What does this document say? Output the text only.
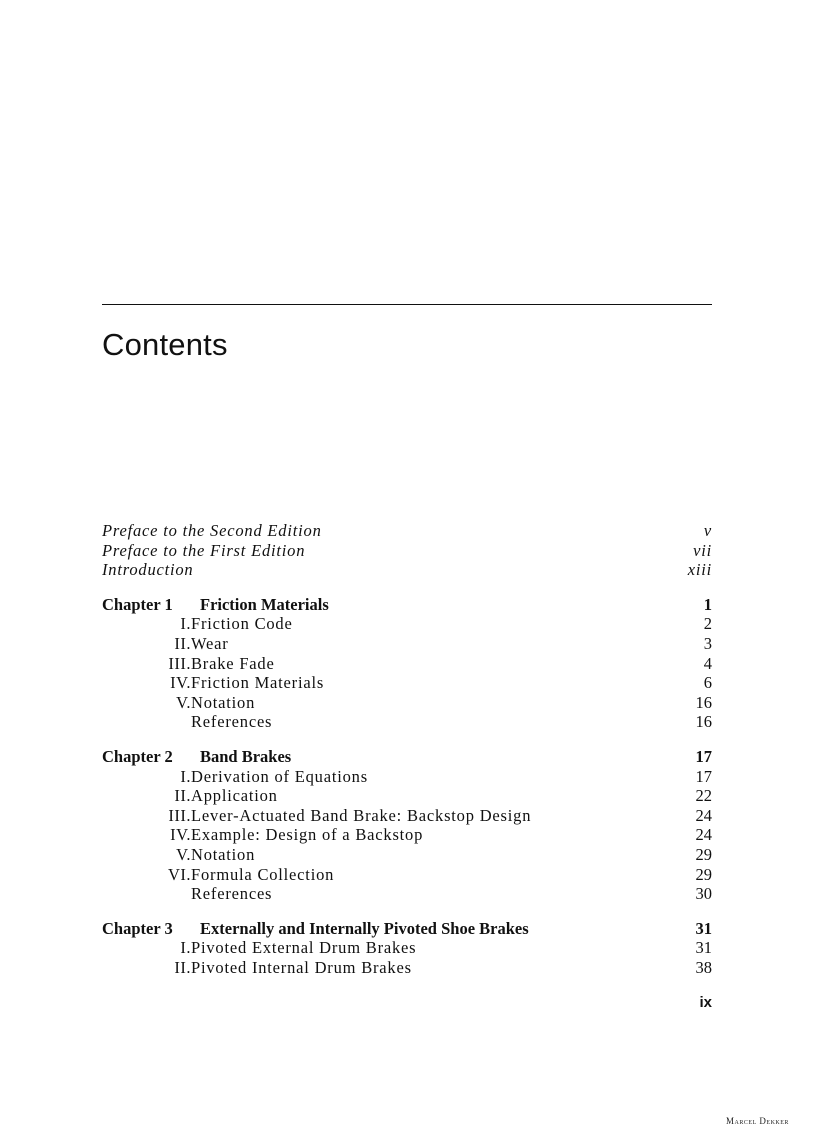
Contents
Preface to the Second Edition	v
Preface to the First Edition	vii
Introduction	xiii
Chapter 1 Friction Materials	1
I. Friction Code	2
II. Wear	3
III. Brake Fade	4
IV. Friction Materials	6
V. Notation	16
References	16
Chapter 2 Band Brakes	17
I. Derivation of Equations	17
II. Application	22
III. Lever-Actuated Band Brake: Backstop Design	24
IV. Example: Design of a Backstop	24
V. Notation	29
VI. Formula Collection	29
References	30
Chapter 3 Externally and Internally Pivoted Shoe Brakes	31
I. Pivoted External Drum Brakes	31
II. Pivoted Internal Drum Brakes	38
ix
Marcel Dekker
